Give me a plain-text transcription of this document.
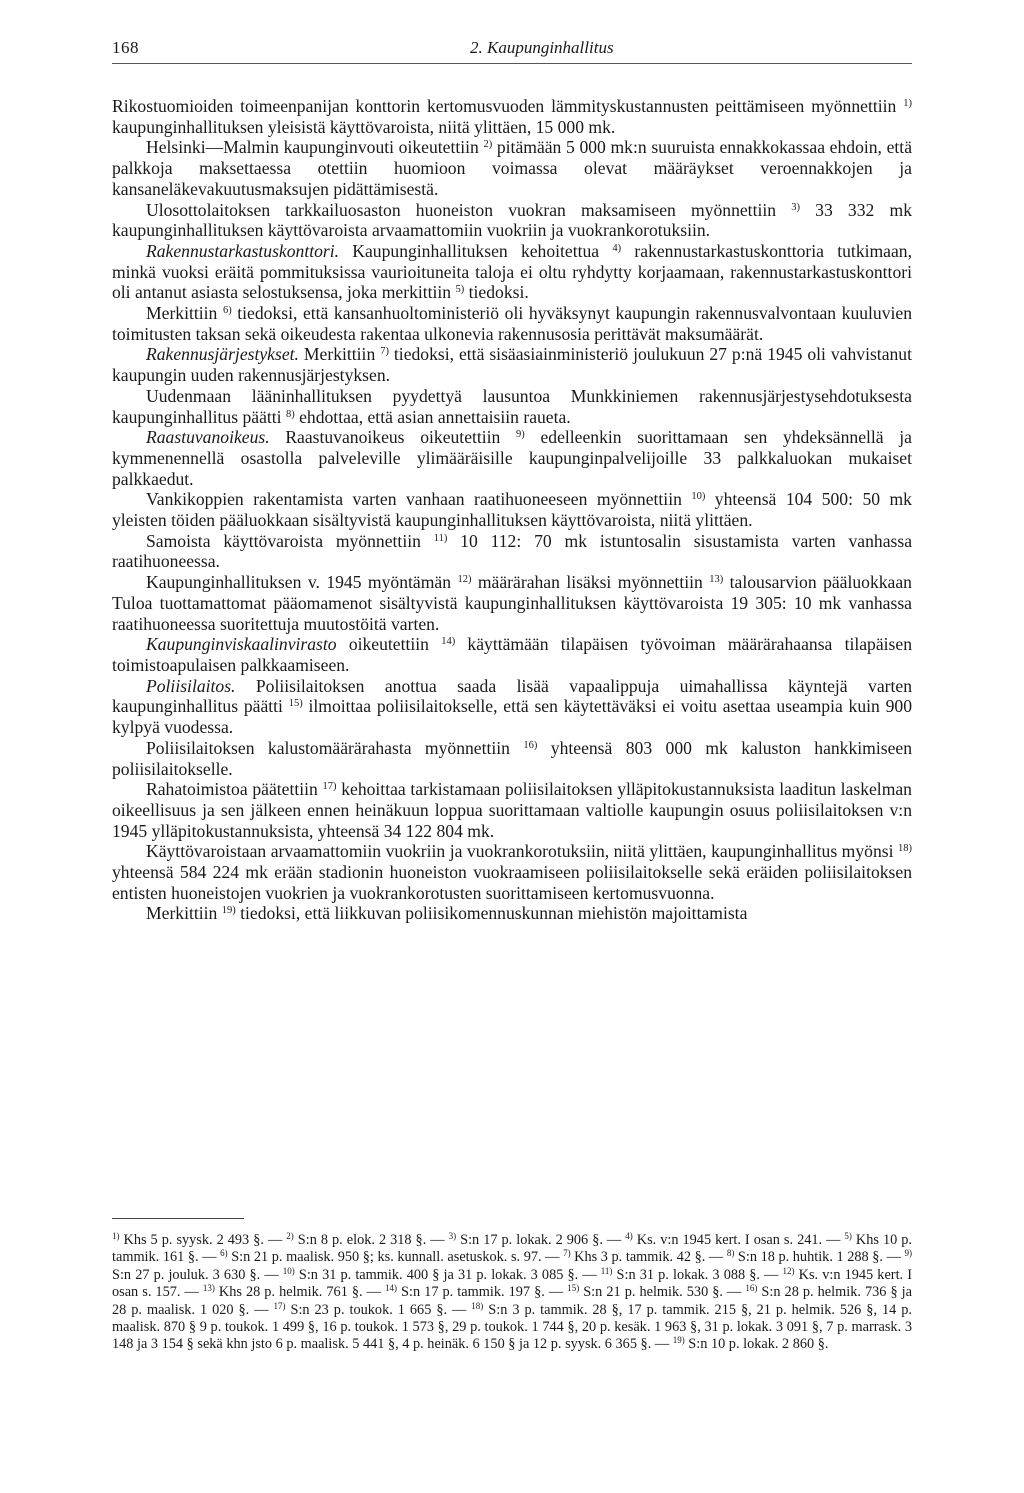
168	2. Kaupunginhallitus

Rikostuomioiden toimeenpanijan konttorin kertomusvuoden lämmityskustannusten peittämiseen myönnettiin $^{1)}$ kaupunginhallituksen yleisistä käyttövaroista, niitä ylittäen, 15 000 mk.

Helsinki—Malmin kaupunginvouti oikeutettiin $^{2)}$ pitämään 5 000 mk:n suuruista ennakkokassaa ehdoin, että palkkoja maksettaessa otettiin huomioon voimassa olevat määräykset veroennakkojen ja kansaneläkevakuutusmaksujen pidättämisestä.

Ulosottolaitoksen tarkkailuosaston huoneiston vuokran maksamiseen myönnettiin $^{3)}$ 33 332 mk kaupunginhallituksen käyttövaroista arvaamattomiin vuokriin ja vuokrankorotuksiin.

Rakennustarkastuskonttori. Kaupunginhallituksen kehoitettua $^{4)}$ rakennustarkastuskonttoria tutkimaan, minkä vuoksi eräitä pommituksissa vaurioituneita taloja ei oltu ryhdytty korjaamaan, rakennustarkastuskonttori oli antanut asiasta selostuksensa, joka merkittiin $^{5)}$ tiedoksi.

Merkittiin $^{6)}$ tiedoksi, että kansanhuoltoministeriö oli hyväksynyt kaupungin rakennusvalvontaan kuuluvien toimitusten taksan sekä oikeudesta rakentaa ulkonevia rakennusosia perittävät maksumäärät.

Rakennusjärjestykset. Merkittiin $^{7)}$ tiedoksi, että sisäasiainministeriö joulukuun 27 p:nä 1945 oli vahvistanut kaupungin uuden rakennusjärjestyksen.

Uudenmaan lääninhallituksen pyydettyä lausuntoa Munkkiniemen rakennusjärjestysehdotuksesta kaupunginhallitus päätti $^{8)}$ ehdottaa, että asian annettaisiin raueta.

Raastuvanoikeus. Raastuvanoikeus oikeutettiin $^{9)}$ edelleenkin suorittamaan sen yhdeksännellä ja kymmenennellä osastolla palveleville ylimääräisille kaupunginpalvelijoille 33 palkkaluokan mukaiset palkkaedut.

Vankikoppien rakentamista varten vanhaan raatihuoneeseen myönnettiin $^{10)}$ yhteensä 104 500: 50 mk yleisten töiden pääluokkaan sisältyvistä kaupunginhallituksen käyttövaroista, niitä ylittäen.

Samoista käyttövaroista myönnettiin $^{11)}$ 10 112: 70 mk istuntosalin sisustamista varten vanhassa raatihuoneessa.

Kaupunginhallituksen v. 1945 myöntämän $^{12)}$ määrärahan lisäksi myönnettiin $^{13)}$ talousarvion pääluokkaan Tuloa tuottamattomat pääomamenot sisältyvistä kaupunginhallituksen käyttövaroista 19 305: 10 mk vanhassa raatihuoneessa suoritettuja muutostöitä varten.

Kaupunginviskaalinvirasto oikeutettiin $^{14)}$ käyttämään tilapäisen työvoiman määrärahaansa tilapäisen toimistoapulaisen palkkaamiseen.

Poliisilaitos. Poliisilaitoksen anottua saada lisää vapaalippuja uimahallissa käyntejä varten kaupunginhallitus päätti $^{15)}$ ilmoittaa poliisilaitokselle, että sen käytettäväksi ei voitu asettaa useampia kuin 900 kylpyä vuodessa.

Poliisilaitoksen kalustomäärärahasta myönnettiin $^{16)}$ yhteensä 803 000 mk kaluston hankkimiseen poliisilaitokselle.

Rahatoimistoa päätettiin $^{17)}$ kehoittaa tarkistamaan poliisilaitoksen ylläpitokustannuksista laaditun laskelman oikeellisuus ja sen jälkeen ennen heinäkuun loppua suorittamaan valtiolle kaupungin osuus poliisilaitoksen v:n 1945 ylläpitokustannuksista, yhteensä 34 122 804 mk.

Käyttövaroistaan arvaamattomiin vuokriin ja vuokrankorotuksiin, niitä ylittäen, kaupunginhallitus myönsi $^{18)}$ yhteensä 584 224 mk erään stadionin huoneiston vuokraamiseen poliisilaitokselle sekä eräiden poliisilaitoksen entisten huoneistojen vuokrien ja vuokrankorotusten suorittamiseen kertomusvuonna.

Merkittiin $^{19)}$ tiedoksi, että liikkuvan poliisikomennuskunnan miehistön majoittamista

$^{1)}$ Khs 5 p. syysk. 2 493 §. — $^{2)}$ S:n 8 p. elok. 2 318 §. — $^{3)}$ S:n 17 p. lokak. 2 906 §. — $^{4)}$ Ks. v:n 1945 kert. I osan s. 241. — $^{5)}$ Khs 10 p. tammik. 161 §. — $^{6)}$ S:n 21 p. maalisk. 950 §; ks. kunnall. asetuskok. s. 97. — $^{7)}$ Khs 3 p. tammik. 42 §. — $^{8)}$ S:n 18 p. huhtik. 1 288 §. — $^{9)}$ S:n 27 p. jouluk. 3 630 §. — $^{10)}$ S:n 31 p. tammik. 400 § ja 31 p. lokak. 3 085 §. — $^{11)}$ S:n 31 p. lokak. 3 088 §. — $^{12)}$ Ks. v:n 1945 kert. I osan s. 157. — $^{13)}$ Khs 28 p. helmik. 761 §. — $^{14)}$ S:n 17 p. tammik. 197 §. — $^{15)}$ S:n 21 p. helmik. 530 §. — $^{16)}$ S:n 28 p. helmik. 736 § ja 28 p. maalisk. 1 020 §. — $^{17)}$ S:n 23 p. toukok. 1 665 §. — $^{18)}$ S:n 3 p. tammik. 28 §, 17 p. tammik. 215 §, 21 p. helmik. 526 §, 14 p. maalisk. 870 § 9 p. toukok. 1 499 §, 16 p. toukok. 1 573 §, 29 p. toukok. 1 744 §, 20 p. kesäk. 1 963 §, 31 p. lokak. 3 091 §, 7 p. marrask. 3 148 ja 3 154 § sekä khn jsto 6 p. maalisk. 5 441 §, 4 p. heinäk. 6 150 § ja 12 p. syysk. 6 365 §. — $^{19)}$ S:n 10 p. lokak. 2 860 §.
